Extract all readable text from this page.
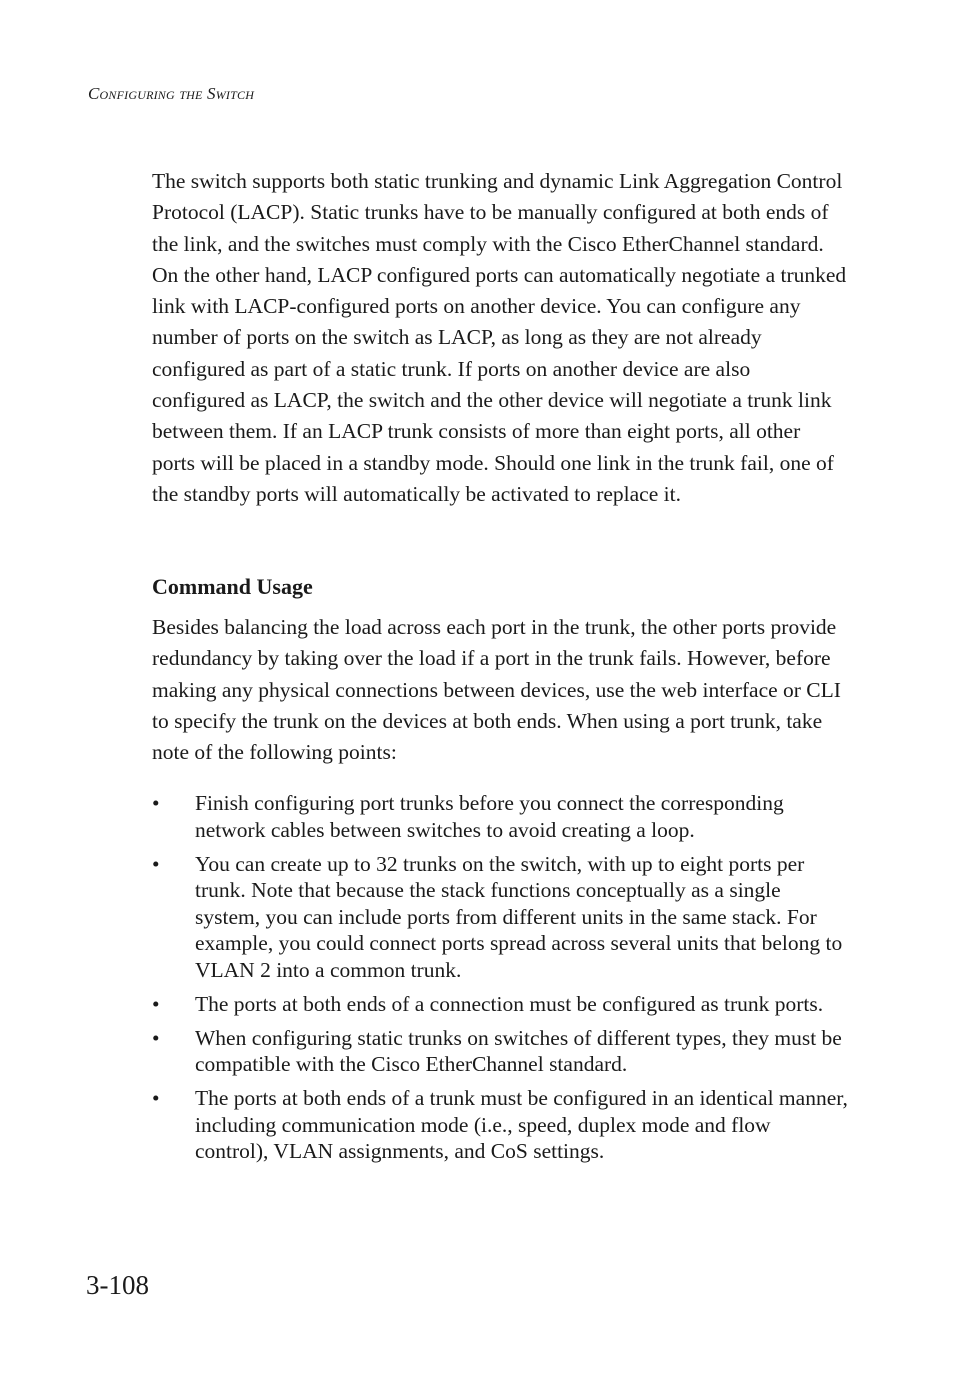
Configuring the Switch

The switch supports both static trunking and dynamic Link Aggregation Control Protocol (LACP). Static trunks have to be manually configured at both ends of the link, and the switches must comply with the Cisco EtherChannel standard. On the other hand, LACP configured ports can automatically negotiate a trunked link with LACP-configured ports on another device. You can configure any number of ports on the switch as LACP, as long as they are not already configured as part of a static trunk. If ports on another device are also configured as LACP, the switch and the other device will negotiate a trunk link between them. If an LACP trunk consists of more than eight ports, all other ports will be placed in a standby mode. Should one link in the trunk fail, one of the standby ports will automatically be activated to replace it.

Command Usage

Besides balancing the load across each port in the trunk, the other ports provide redundancy by taking over the load if a port in the trunk fails. However, before making any physical connections between devices, use the web interface or CLI to specify the trunk on the devices at both ends. When using a port trunk, take note of the following points:

• Finish configuring port trunks before you connect the corresponding network cables between switches to avoid creating a loop.
• You can create up to 32 trunks on the switch, with up to eight ports per trunk. Note that because the stack functions conceptually as a single system, you can include ports from different units in the same stack. For example, you could connect ports spread across several units that belong to VLAN 2 into a common trunk.
• The ports at both ends of a connection must be configured as trunk ports.
• When configuring static trunks on switches of different types, they must be compatible with the Cisco EtherChannel standard.
• The ports at both ends of a trunk must be configured in an identical manner, including communication mode (i.e., speed, duplex mode and flow control), VLAN assignments, and CoS settings.
3-108
